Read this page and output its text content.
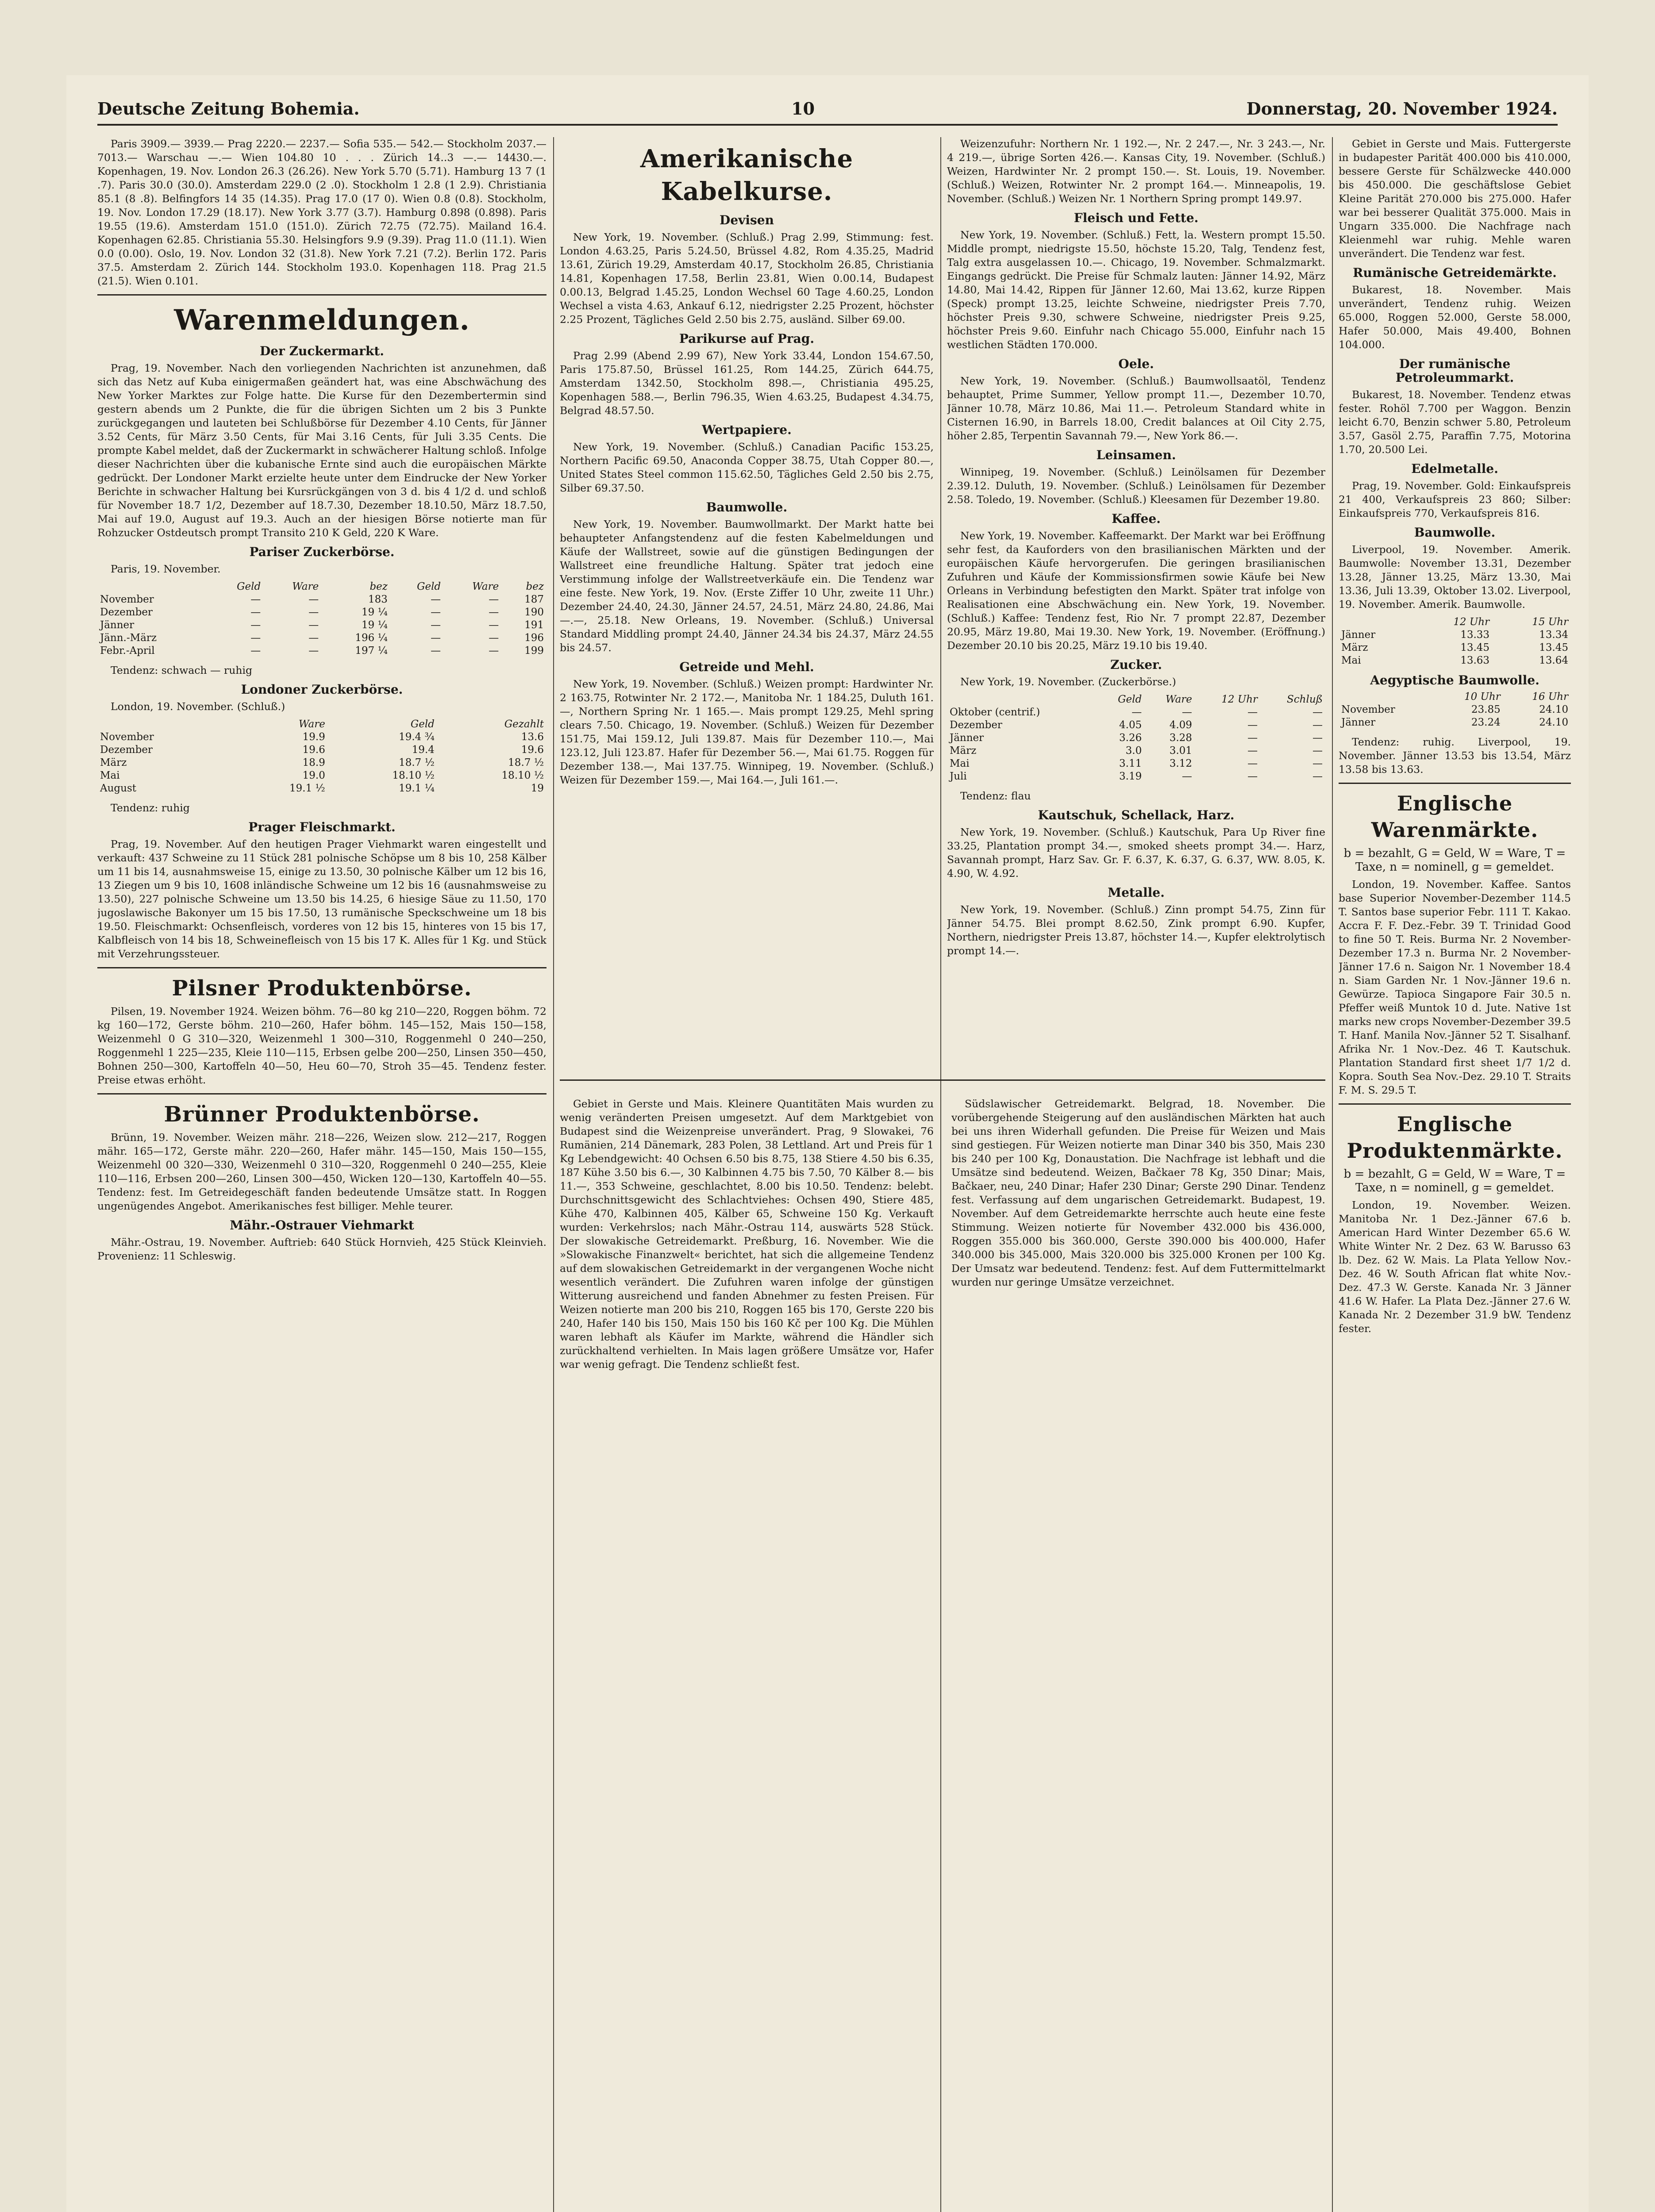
Deutsche Zeitung Bohemia.	10	Donnerstag, 20. November 1924.

Paris 3909.— 3939.— Prag 2220.— 2237.— Sofia 535.— 542.— Stockholm 2037.— 7013.— Warschau —.— Wien 104.80 10 . . . Zürich 14..3 —.— 14430.—. Kopenhagen, 19. Nov. London 26.3 (26.26). New York 5.70 (5.71). Hamburg 13 7 (1 .7). Paris 30.0 (30.0). Amsterdam 229.0 (2 .0). Stockholm 1 2.8 (1 2.9). Christiania 85.1 (8 .8). Belfingfors 14 35 (14.35). Prag 17.0 (17 0). Wien 0.8 (0.8). Stockholm, 19. Nov. London 17.29 (18.17). New York 3.77 (3.7). Hamburg 0.898 (0.898). Paris 19.55 (19.6). Amsterdam 151.0 (151.0). Zürich 72.75 (72.75). Mailand 16.4. Kopenhagen 62.85. Christiania 55.30. Helsingfors 9.9 (9.39). Prag 11.0 (11.1). Wien 0.0 (0.00). Oslo, 19. Nov. London 32 (31.8). New York 7.21 (7.2). Berlin 172. Paris 37.5. Amsterdam 2. Zürich 144. Stockholm 193.0. Kopenhagen 118. Prag 21.5 (21.5). Wien 0.101.

Warenmeldungen.
Der Zuckermarkt.

Prag, 19. November. Nach den vorliegenden Nachrichten ist anzunehmen, daß sich das Netz auf Kuba einigermaßen geändert hat, was eine Abschwächung des New Yorker Marktes zur Folge hatte. Die Kurse für den Dezembertermin sind gestern abends um 2 Punkte, die für die übrigen Sichten um 2 bis 3 Punkte zurückgegangen und lauteten bei Schlußbörse für Dezember 4.10 Cents, für Jänner 3.52 Cents, für März 3.50 Cents, für Mai 3.16 Cents, für Juli 3.35 Cents. Die prompte Kabel meldet, daß der Zuckermarkt in schwächerer Haltung schloß. Infolge dieser Nachrichten über die kubanische Ernte sind auch die europäischen Märkte gedrückt. Der Londoner Markt erzielte heute unter dem Eindrucke der New Yorker Berichte in schwacher Haltung bei Kursrückgängen von 3 d. bis 4 1/2 d. und schloß für November 18.7 1/2, Dezember auf 18.7.30, Dezember 18.10.50, März 18.7.50, Mai auf 19.0, August auf 19.3. Auch an der hiesigen Börse notierte man für Rohzucker Ostdeutsch prompt Transito 210 K Geld, 220 K Ware.

Pariser Zuckerbörse.

Paris, 19. November.

	Geld	Ware	bez	Geld	Ware	bez
November	—	—	183	—	—	187
Dezember	—	—	19 ¼	—	—	190
Jänner	—	—	19 ¼	—	—	191
Jänn.-März	—	—	196 ¼	—	—	196
Febr.-April	—	—	197 ¼	—	—	199

Tendenz: schwach — ruhig

Londoner Zuckerbörse.

London, 19. November. (Schluß.)

	Ware	Geld	Gezahlt
November	19.9	19.4 ¾	13.6
Dezember	19.6	19.4	19.6
März	18.9	18.7 ½	18.7 ½
Mai	19.0	18.10 ½	18.10 ½
August	19.1 ½	19.1 ¼	19

Tendenz: ruhig

Prager Fleischmarkt.

Prag, 19. November. Auf den heutigen Prager Viehmarkt waren eingestellt und verkauft: 437 Schweine zu 11 Stück 281 polnische Schöpse um 8 bis 10, 258 Kälber um 11 bis 14, ausnahmsweise 15, einige zu 13.50, 30 polnische Kälber um 12 bis 16, 13 Ziegen um 9 bis 10, 1608 inländische Schweine um 12 bis 16 (ausnahmsweise zu 13.50), 227 polnische Schweine um 13.50 bis 14.25, 6 hiesige Säue zu 11.50, 170 jugoslawische Bakonyer um 15 bis 17.50, 13 rumänische Speckschweine um 18 bis 19.50. Fleischmarkt: Ochsenfleisch, vorderes von 12 bis 15, hinteres von 15 bis 17, Kalbfleisch von 14 bis 18, Schweinefleisch von 15 bis 17 K. Alles für 1 Kg. und Stück mit Verzehrungssteuer.

Pilsner Produktenbörse.

Pilsen, 19. November 1924. Weizen böhm. 76—80 kg 210—220, Roggen böhm. 72 kg 160—172, Gerste böhm. 210—260, Hafer böhm. 145—152, Mais 150—158, Weizenmehl 0 G 310—320, Weizenmehl 1 300—310, Roggenmehl 0 240—250, Roggenmehl 1 225—235, Kleie 110—115, Erbsen gelbe 200—250, Linsen 350—450, Bohnen 250—300, Kartoffeln 40—50, Heu 60—70, Stroh 35—45. Tendenz fester. Preise etwas erhöht.

Brünner Produktenbörse.

Brünn, 19. November. Weizen mähr. 218—226, Weizen slow. 212—217, Roggen mähr. 165—172, Gerste mähr. 220—260, Hafer mähr. 145—150, Mais 150—155, Weizenmehl 00 320—330, Weizenmehl 0 310—320, Roggenmehl 0 240—255, Kleie 110—116, Erbsen 200—260, Linsen 300—450, Wicken 120—130, Kartoffeln 40—55. Tendenz: fest. Im Getreidegeschäft fanden bedeutende Umsätze statt. In Roggen ungenügendes Angebot. Amerikanisches fest billiger. Mehle teurer.

Mähr.-Ostrauer Viehmarkt

Mähr.-Ostrau, 19. November. Auftrieb: 640 Stück Hornvieh, 425 Stück Kleinvieh. Provenienz: 11 Schleswig.

Amerikanische Kabelkurse.
Devisen

New York, 19. November. (Schluß.) Prag 2.99, Stimmung: fest. London 4.63.25, Paris 5.24.50, Brüssel 4.82, Rom 4.35.25, Madrid 13.61, Zürich 19.29, Amsterdam 40.17, Stockholm 26.85, Christiania 14.81, Kopenhagen 17.58, Berlin 23.81, Wien 0.00.14, Budapest 0.00.13, Belgrad 1.45.25, London Wechsel 60 Tage 4.60.25, London Wechsel a vista 4.63, Ankauf 6.12, niedrigster 2.25 Prozent, höchster 2.25 Prozent, Tägliches Geld 2.50 bis 2.75, ausländ. Silber 69.00.

Parikurse auf Prag.

Prag 2.99 (Abend 2.99 67), New York 33.44, London 154.67.50, Paris 175.87.50, Brüssel 161.25, Rom 144.25, Zürich 644.75, Amsterdam 1342.50, Stockholm 898.—, Christiania 495.25, Kopenhagen 588.—, Berlin 796.35, Wien 4.63.25, Budapest 4.34.75, Belgrad 48.57.50.

Wertpapiere.

New York, 19. November. (Schluß.) Canadian Pacific 153.25, Northern Pacific 69.50, Anaconda Copper 38.75, Utah Copper 80.—, United States Steel common 115.62.50, Tägliches Geld 2.50 bis 2.75, Silber 69.37.50.

Baumwolle.

New York, 19. November. Baumwollmarkt. Der Markt hatte bei behaupteter Anfangstendenz auf die festen Kabelmeldungen und Käufe der Wallstreet, sowie auf die günstigen Bedingungen der Wallstreet eine freundliche Haltung. Später trat jedoch eine Verstimmung infolge der Wallstreetverkäufe ein. Die Tendenz war eine feste. New York, 19. Nov. (Erste Ziffer 10 Uhr, zweite 11 Uhr.) Dezember 24.40, 24.30, Jänner 24.57, 24.51, März 24.80, 24.86, Mai —.—, 25.18. New Orleans, 19. November. (Schluß.) Universal Standard Middling prompt 24.40, Jänner 24.34 bis 24.37, März 24.55 bis 24.57.

Getreide und Mehl.

New York, 19. November. (Schluß.) Weizen prompt: Hardwinter Nr. 2 163.75, Rotwinter Nr. 2 172.—, Manitoba Nr. 1 184.25, Duluth 161.—, Northern Spring Nr. 1 165.—. Mais prompt 129.25, Mehl spring clears 7.50. Chicago, 19. November. (Schluß.) Weizen für Dezember 151.75, Mai 159.12, Juli 139.87. Mais für Dezember 110.—, Mai 123.12, Juli 123.87. Hafer für Dezember 56.—, Mai 61.75. Roggen für Dezember 138.—, Mai 137.75. Winnipeg, 19. November. (Schluß.) Weizen für Dezember 159.—, Mai 164.—, Juli 161.—.

Weizenzufuhr: Northern Nr. 1 192.—, Nr. 2 247.—, Nr. 3 243.—, Nr. 4 219.—, übrige Sorten 426.—. Kansas City, 19. November. (Schluß.) Weizen, Hardwinter Nr. 2 prompt 150.—. St. Louis, 19. November. (Schluß.) Weizen, Rotwinter Nr. 2 prompt 164.—. Minneapolis, 19. November. (Schluß.) Weizen Nr. 1 Northern Spring prompt 149.97.

Fleisch und Fette.

New York, 19. November. (Schluß.) Fett, la. Western prompt 15.50. Middle prompt, niedrigste 15.50, höchste 15.20, Talg, Tendenz fest, Talg extra ausgelassen 10.—. Chicago, 19. November. Schmalzmarkt. Eingangs gedrückt. Die Preise für Schmalz lauten: Jänner 14.92, März 14.80, Mai 14.42, Rippen für Jänner 12.60, Mai 13.62, kurze Rippen (Speck) prompt 13.25, leichte Schweine, niedrigster Preis 7.70, höchster Preis 9.30, schwere Schweine, niedrigster Preis 9.25, höchster Preis 9.60. Einfuhr nach Chicago 55.000, Einfuhr nach 15 westlichen Städten 170.000.

Oele.

New York, 19. November. (Schluß.) Baumwollsaatöl, Tendenz behauptet, Prime Summer, Yellow prompt 11.—, Dezember 10.70, Jänner 10.78, März 10.86, Mai 11.—. Petroleum Standard white in Cisternen 16.90, in Barrels 18.00, Credit balances at Oil City 2.75, höher 2.85, Terpentin Savannah 79.—, New York 86.—.

Leinsamen.

Winnipeg, 19. November. (Schluß.) Leinölsamen für Dezember 2.39.12. Duluth, 19. November. (Schluß.) Leinölsamen für Dezember 2.58. Toledo, 19. November. (Schluß.) Kleesamen für Dezember 19.80.

Kaffee.

New York, 19. November. Kaffeemarkt. Der Markt war bei Eröffnung sehr fest, da Kauforders von den brasilianischen Märkten und der europäischen Käufe hervorgerufen. Die geringen brasilianischen Zufuhren und Käufe der Kommissionsfirmen sowie Käufe bei New Orleans in Verbindung befestigten den Markt. Später trat infolge von Realisationen eine Abschwächung ein. New York, 19. November. (Schluß.) Kaffee: Tendenz fest, Rio Nr. 7 prompt 22.87, Dezember 20.95, März 19.80, Mai 19.30. New York, 19. November. (Eröffnung.) Dezember 20.10 bis 20.25, März 19.10 bis 19.40.

Zucker.

New York, 19. November. (Zuckerbörse.)

	Geld	Ware	12 Uhr	Schluß
Oktober (centrif.)	—	—	—	—
Dezember	4.05	4.09	—	—
Jänner	3.26	3.28	—	—
März	3.0	3.01	—	—
Mai	3.11	3.12	—	—
Juli	3.19	—	—	—

Tendenz: flau

Kautschuk, Schellack, Harz.

New York, 19. November. (Schluß.) Kautschuk, Para Up River fine 33.25, Plantation prompt 34.—, smoked sheets prompt 34.—. Harz, Savannah prompt, Harz Sav. Gr. F. 6.37, K. 6.37, G. 6.37, WW. 8.05, K. 4.90, W. 4.92.

Metalle.

New York, 19. November. (Schluß.) Zinn prompt 54.75, Zinn für Jänner 54.75. Blei prompt 8.62.50, Zink prompt 6.90. Kupfer, Northern, niedrigster Preis 13.87, höchster 14.—, Kupfer elektrolytisch prompt 14.—.

Gebiet in Gerste und Mais. Kleinere Quantitäten Mais wurden zu wenig veränderten Preisen umgesetzt. Auf dem Marktgebiet von Budapest sind die Weizenpreise unverändert. Prag, 9 Slowakei, 76 Rumänien, 214 Dänemark, 283 Polen, 38 Lettland. Art und Preis für 1 Kg Lebendgewicht: 40 Ochsen 6.50 bis 8.75, 138 Stiere 4.50 bis 6.35, 187 Kühe 3.50 bis 6.—, 30 Kalbinnen 4.75 bis 7.50, 70 Kälber 8.— bis 11.—, 353 Schweine, geschlachtet, 8.00 bis 10.50. Tendenz: belebt. Durchschnittsgewicht des Schlachtviehes: Ochsen 490, Stiere 485, Kühe 470, Kalbinnen 405, Kälber 65, Schweine 150 Kg. Verkauft wurden: Verkehrslos; nach Mähr.-Ostrau 114, auswärts 528 Stück. Der slowakische Getreidemarkt. Preßburg, 16. November. Wie die »Slowakische Finanzwelt« berichtet, hat sich die allgemeine Tendenz auf dem slowakischen Getreidemarkt in der vergangenen Woche nicht wesentlich verändert. Die Zufuhren waren infolge der günstigen Witterung ausreichend und fanden Abnehmer zu festen Preisen. Für Weizen notierte man 200 bis 210, Roggen 165 bis 170, Gerste 220 bis 240, Hafer 140 bis 150, Mais 150 bis 160 Kč per 100 Kg. Die Mühlen waren lebhaft als Käufer im Markte, während die Händler sich zurückhaltend verhielten. In Mais lagen größere Umsätze vor, Hafer war wenig gefragt. Die Tendenz schließt fest.

Südslawischer Getreidemarkt. Belgrad, 18. November. Die vorübergehende Steigerung auf den ausländischen Märkten hat auch bei uns ihren Widerhall gefunden. Die Preise für Weizen und Mais sind gestiegen. Für Weizen notierte man Dinar 340 bis 350, Mais 230 bis 240 per 100 Kg, Donaustation. Die Nachfrage ist lebhaft und die Umsätze sind bedeutend. Weizen, Bačkaer 78 Kg, 350 Dinar; Mais, Bačkaer, neu, 240 Dinar; Hafer 230 Dinar; Gerste 290 Dinar. Tendenz fest. Verfassung auf dem ungarischen Getreidemarkt. Budapest, 19. November. Auf dem Getreidemarkte herrschte auch heute eine feste Stimmung. Weizen notierte für November 432.000 bis 436.000, Roggen 355.000 bis 360.000, Gerste 390.000 bis 400.000, Hafer 340.000 bis 345.000, Mais 320.000 bis 325.000 Kronen per 100 Kg. Der Umsatz war bedeutend. Tendenz: fest. Auf dem Futtermittelmarkt wurden nur geringe Umsätze verzeichnet.

Gebiet in Gerste und Mais. Futtergerste in budapester Parität 400.000 bis 410.000, bessere Gerste für Schälzwecke 440.000 bis 450.000. Die geschäftslose Gebiet Kleine Parität 270.000 bis 275.000. Hafer war bei besserer Qualität 375.000. Mais in Ungarn 335.000. Die Nachfrage nach Kleienmehl war ruhig. Mehle waren unverändert. Die Tendenz war fest.

Rumänische Getreidemärkte.

Bukarest, 18. November. Mais unverändert, Tendenz ruhig. Weizen 65.000, Roggen 52.000, Gerste 58.000, Hafer 50.000, Mais 49.400, Bohnen 104.000.

Der rumänische Petroleummarkt.

Bukarest, 18. November. Tendenz etwas fester. Rohöl 7.700 per Waggon. Benzin leicht 6.70, Benzin schwer 5.80, Petroleum 3.57, Gasöl 2.75, Paraffin 7.75, Motorina 1.70, 20.500 Lei.

Edelmetalle.

Prag, 19. November. Gold: Einkaufspreis 21 400, Verkaufspreis 23 860; Silber: Einkaufspreis 770, Verkaufspreis 816.

Baumwolle.

Liverpool, 19. November. Amerik. Baumwolle: November 13.31, Dezember 13.28, Jänner 13.25, März 13.30, Mai 13.36, Juli 13.39, Oktober 13.02. Liverpool, 19. November. Amerik. Baumwolle.

	12 Uhr	15 Uhr
Jänner	13.33	13.34
März	13.45	13.45
Mai	13.63	13.64
Aegyptische Baumwolle.
	10 Uhr	16 Uhr
November	23.85	24.10
Jänner	23.24	24.10

Tendenz: ruhig. Liverpool, 19. November. Jänner 13.53 bis 13.54, März 13.58 bis 13.63.

Englische Warenmärkte.
b = bezahlt, G = Geld, W = Ware, T = Taxe, n = nominell, g = gemeldet.

London, 19. November. Kaffee. Santos base Superior November-Dezember 114.5 T. Santos base superior Febr. 111 T. Kakao. Accra F. F. Dez.-Febr. 39 T. Trinidad Good to fine 50 T. Reis. Burma Nr. 2 November-Dezember 17.3 n. Burma Nr. 2 November-Jänner 17.6 n. Saigon Nr. 1 November 18.4 n. Siam Garden Nr. 1 Nov.-Jänner 19.6 n. Gewürze. Tapioca Singapore Fair 30.5 n. Pfeffer weiß Muntok 10 d. Jute. Native 1st marks new crops November-Dezember 39.5 T. Hanf. Manila Nov.-Jänner 52 T. Sisalhanf. Afrika Nr. 1 Nov.-Dez. 46 T. Kautschuk. Plantation Standard first sheet 1/7 1/2 d. Kopra. South Sea Nov.-Dez. 29.10 T. Straits F. M. S. 29.5 T.

Englische Produktenmärkte.
b = bezahlt, G = Geld, W = Ware, T = Taxe, n = nominell, g = gemeldet.

London, 19. November. Weizen. Manitoba Nr. 1 Dez.-Jänner 67.6 b. American Hard Winter Dezember 65.6 W. White Winter Nr. 2 Dez. 63 W. Barusso 63 lb. Dez. 62 W. Mais. La Plata Yellow Nov.-Dez. 46 W. South African flat white Nov.-Dez. 47.3 W. Gerste. Kanada Nr. 3 Jänner 41.6 W. Hafer. La Plata Dez.-Jänner 27.6 W. Kanada Nr. 2 Dezember 31.9 bW. Tendenz fester.
